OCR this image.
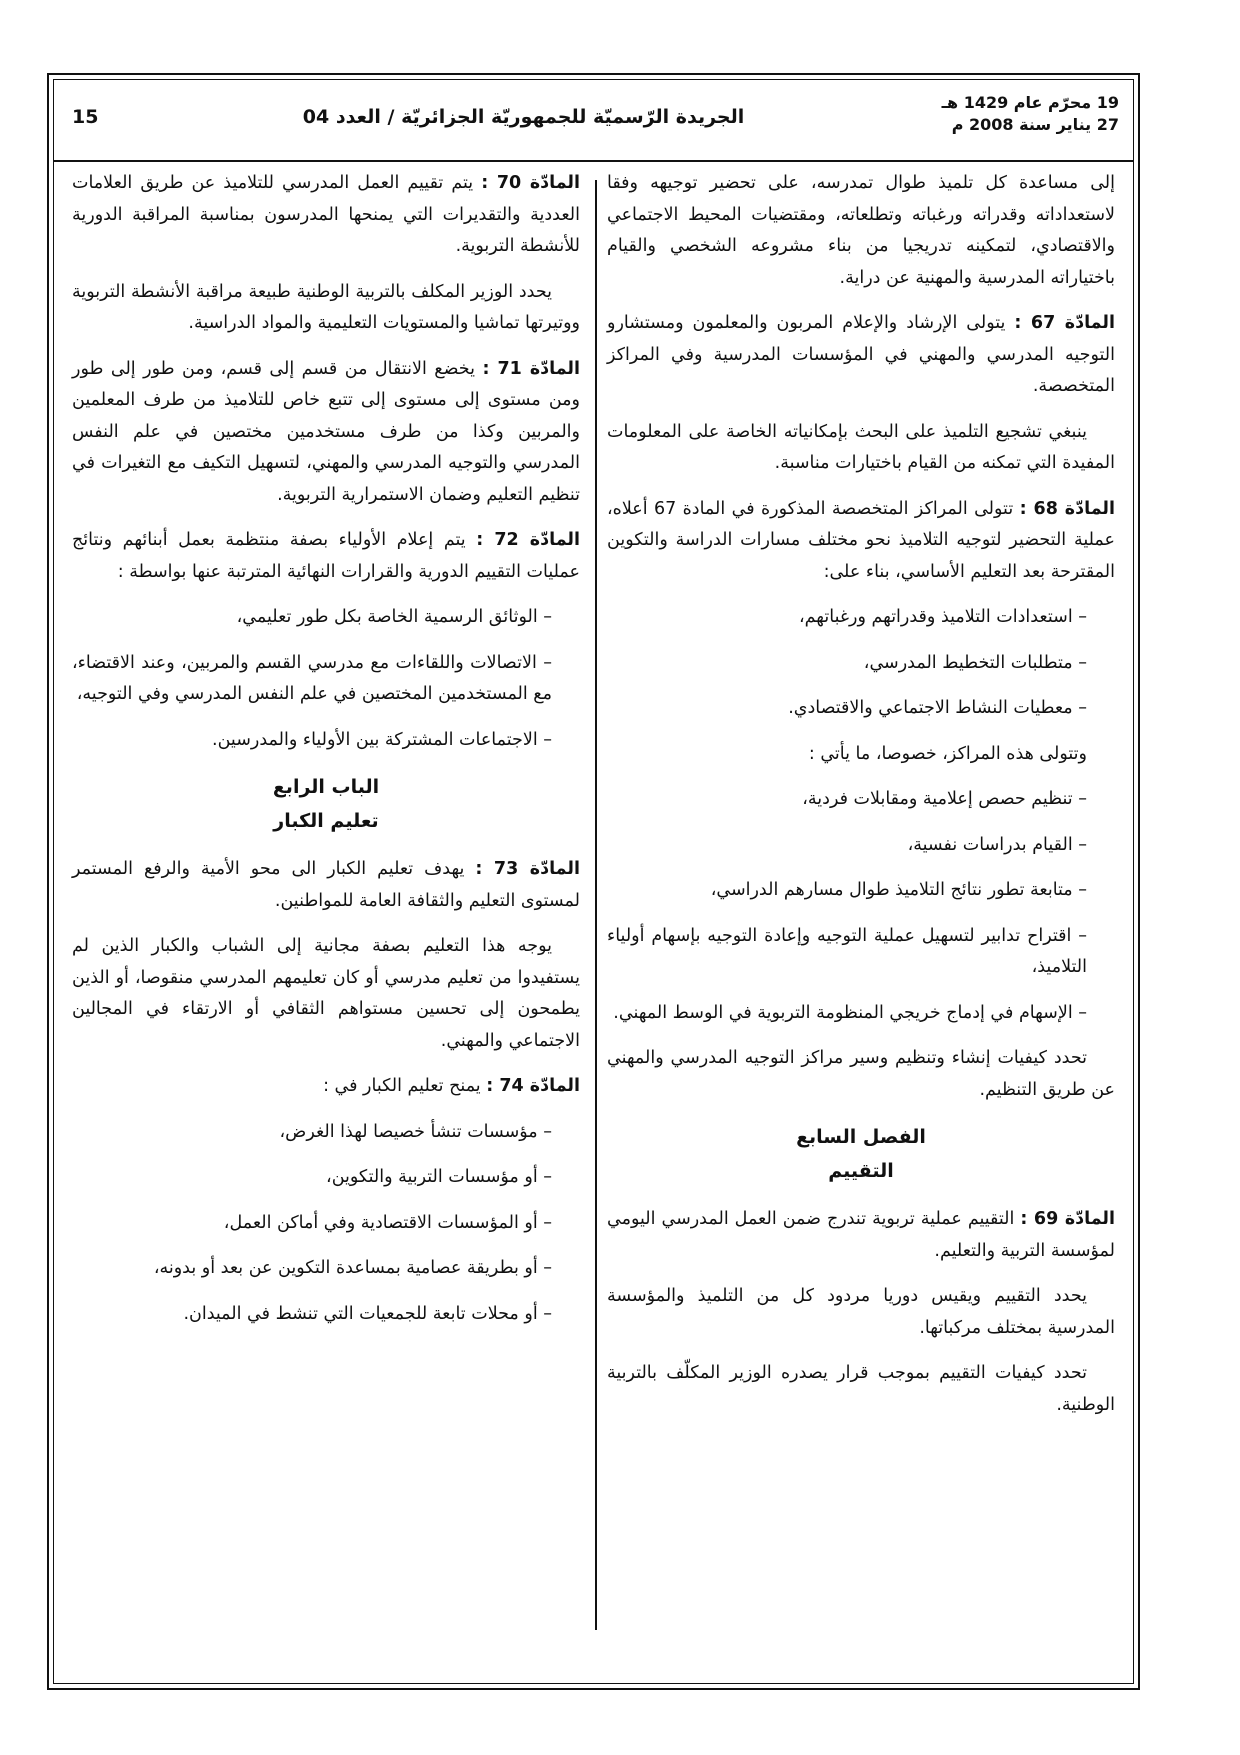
19 محرّم عام 1429 هـ
27 يناير سنة 2008 م
الجريدة الرّسميّة للجمهوريّة الجزائريّة / العدد 04
15

إلى مساعدة كل تلميذ طوال تمدرسه، على تحضير توجيهه وفقا لاستعداداته وقدراته ورغباته وتطلعاته، ومقتضيات المحيط الاجتماعي والاقتصادي، لتمكينه تدريجيا من بناء مشروعه الشخصي والقيام باختياراته المدرسية والمهنية عن دراية.

المادّة 67 : يتولى الإرشاد والإعلام المربون والمعلمون ومستشارو التوجيه المدرسي والمهني في المؤسسات المدرسية وفي المراكز المتخصصة.

ينبغي تشجيع التلميذ على البحث بإمكانياته الخاصة على المعلومات المفيدة التي تمكنه من القيام باختيارات مناسبة.

المادّة 68 : تتولى المراكز المتخصصة المذكورة في المادة 67 أعلاه، عملية التحضير لتوجيه التلاميذ نحو مختلف مسارات الدراسة والتكوين المقترحة بعد التعليم الأساسي، بناء على:

– استعدادات التلاميذ وقدراتهم ورغباتهم،

– متطلبات التخطيط المدرسي،

– معطيات النشاط الاجتماعي والاقتصادي.

وتتولى هذه المراكز، خصوصا، ما يأتي :

– تنظيم حصص إعلامية ومقابلات فردية،

– القيام بدراسات نفسية،

– متابعة تطور نتائج التلاميذ طوال مسارهم الدراسي،

– اقتراح تدابير لتسهيل عملية التوجيه وإعادة التوجيه بإسهام أولياء التلاميذ،

– الإسهام في إدماج خريجي المنظومة التربوية في الوسط المهني.

تحدد كيفيات إنشاء وتنظيم وسير مراكز التوجيه المدرسي والمهني عن طريق التنظيم.

الفصل السابع

التقييم

المادّة 69 : التقييم عملية تربوية تندرج ضمن العمل المدرسي اليومي لمؤسسة التربية والتعليم.

يحدد التقييم ويقيس دوريا مردود كل من التلميذ والمؤسسة المدرسية بمختلف مركباتها.

تحدد كيفيات التقييم بموجب قرار يصدره الوزير المكلّف بالتربية الوطنية.

المادّة 70 : يتم تقييم العمل المدرسي للتلاميذ عن طريق العلامات العددية والتقديرات التي يمنحها المدرسون بمناسبة المراقبة الدورية للأنشطة التربوية.

يحدد الوزير المكلف بالتربية الوطنية طبيعة مراقبة الأنشطة التربوية ووتيرتها تماشيا والمستويات التعليمية والمواد الدراسية.

المادّة 71 : يخضع الانتقال من قسم إلى قسم، ومن طور إلى طور ومن مستوى إلى مستوى إلى تتبع خاص للتلاميذ من طرف المعلمين والمربين وكذا من طرف مستخدمين مختصين في علم النفس المدرسي والتوجيه المدرسي والمهني، لتسهيل التكيف مع التغيرات في تنظيم التعليم وضمان الاستمرارية التربوية.

المادّة 72 : يتم إعلام الأولياء بصفة منتظمة بعمل أبنائهم ونتائج عمليات التقييم الدورية والقرارات النهائية المترتبة عنها بواسطة :

– الوثائق الرسمية الخاصة بكل طور تعليمي،

– الاتصالات واللقاءات مع مدرسي القسم والمربين، وعند الاقتضاء، مع المستخدمين المختصين في علم النفس المدرسي وفي التوجيه،

– الاجتماعات المشتركة بين الأولياء والمدرسين.

الباب الرابع

تعليم الكبار

المادّة 73 : يهدف تعليم الكبار الى محو الأمية والرفع المستمر لمستوى التعليم والثقافة العامة للمواطنين.

يوجه هذا التعليم بصفة مجانية إلى الشباب والكبار الذين لم يستفيدوا من تعليم مدرسي أو كان تعليمهم المدرسي منقوصا، أو الذين يطمحون إلى تحسين مستواهم الثقافي أو الارتقاء في المجالين الاجتماعي والمهني.

المادّة 74 : يمنح تعليم الكبار في :

– مؤسسات تنشأ خصيصا لهذا الغرض،

– أو مؤسسات التربية والتكوين،

– أو المؤسسات الاقتصادية وفي أماكن العمل،

– أو بطريقة عصامية بمساعدة التكوين عن بعد أو بدونه،

– أو محلات تابعة للجمعيات التي تنشط في الميدان.
